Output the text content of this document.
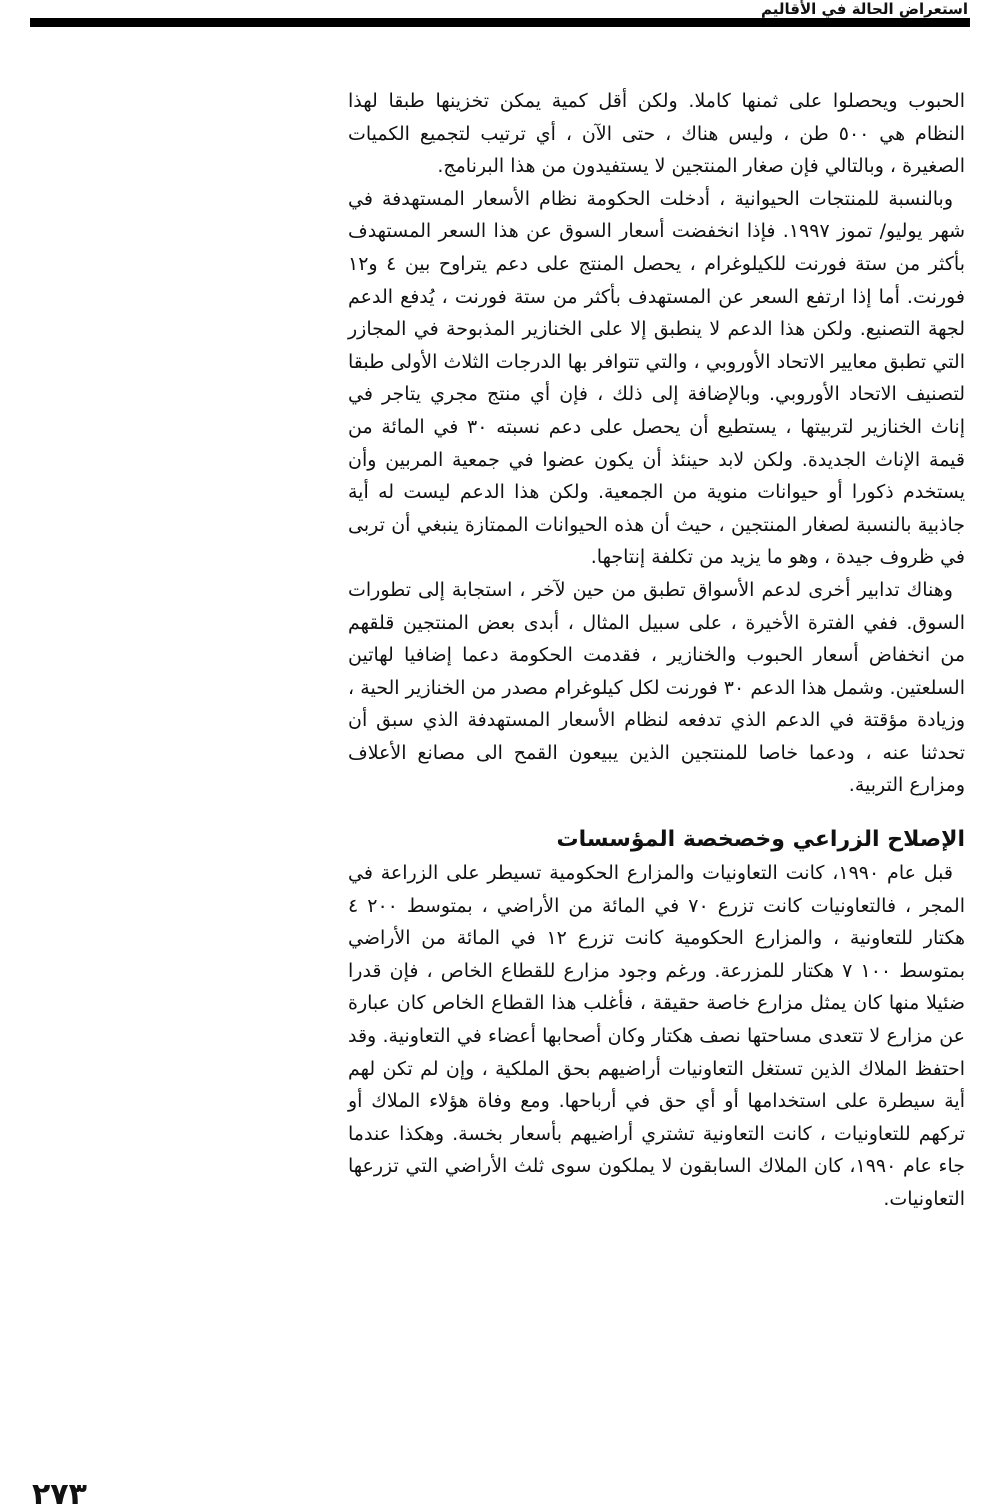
استعراض الحالة في الأقاليم

الحبوب ويحصلوا على ثمنها كاملا. ولكن أقل كمية يمكن تخزينها طبقا لهذا النظام هي ٥٠٠ طن ، وليس هناك ، حتى الآن ، أي ترتيب لتجميع الكميات الصغيرة ، وبالتالي فإن صغار المنتجين لا يستفيدون من هذا البرنامج.

وبالنسبة للمنتجات الحيوانية ، أدخلت الحكومة نظام الأسعار المستهدفة في شهر يوليو/ تموز ١٩٩٧. فإذا انخفضت أسعار السوق عن هذا السعر المستهدف بأكثر من ستة فورنت للكيلوغرام ، يحصل المنتج على دعم يتراوح بين ٤ و١٢ فورنت. أما إذا ارتفع السعر عن المستهدف بأكثر من ستة فورنت ، يُدفع الدعم لجهة التصنيع. ولكن هذا الدعم لا ينطبق إلا على الخنازير المذبوحة في المجازر التي تطبق معايير الاتحاد الأوروبي ، والتي تتوافر بها الدرجات الثلاث الأولى طبقا لتصنيف الاتحاد الأوروبي. وبالإضافة إلى ذلك ، فإن أي منتج مجري يتاجر في إناث الخنازير لتربيتها ، يستطيع أن يحصل على دعم نسبته ٣٠ في المائة من قيمة الإناث الجديدة. ولكن لابد حينئذ أن يكون عضوا في جمعية المربين وأن يستخدم ذكورا أو حيوانات منوية من الجمعية. ولكن هذا الدعم ليست له أية جاذبية بالنسبة لصغار المنتجين ، حيث أن هذه الحيوانات الممتازة ينبغي أن تربى في ظروف جيدة ، وهو ما يزيد من تكلفة إنتاجها.

وهناك تدابير أخرى لدعم الأسواق تطبق من حين لآخر ، استجابة إلى تطورات السوق. ففي الفترة الأخيرة ، على سبيل المثال ، أبدى بعض المنتجين قلقهم من انخفاض أسعار الحبوب والخنازير ، فقدمت الحكومة دعما إضافيا لهاتين السلعتين. وشمل هذا الدعم ٣٠ فورنت لكل كيلوغرام مصدر من الخنازير الحية ، وزيادة مؤقتة في الدعم الذي تدفعه لنظام الأسعار المستهدفة الذي سبق أن تحدثنا عنه ، ودعما خاصا للمنتجين الذين يبيعون القمح الى مصانع الأعلاف ومزارع التربية.

الإصلاح الزراعي وخصخصة المؤسسات

قبل عام ١٩٩٠، كانت التعاونيات والمزارع الحكومية تسيطر على الزراعة في المجر ، فالتعاونيات كانت تزرع ٧٠ في المائة من الأراضي ، بمتوسط ٢٠٠ ٤ هكتار للتعاونية ، والمزارع الحكومية كانت تزرع ١٢ في المائة من الأراضي بمتوسط ١٠٠ ٧ هكتار للمزرعة. ورغم وجود مزارع للقطاع الخاص ، فإن قدرا ضئيلا منها كان يمثل مزارع خاصة حقيقة ، فأغلب هذا القطاع الخاص كان عبارة عن مزارع لا تتعدى مساحتها نصف هكتار وكان أصحابها أعضاء في التعاونية. وقد احتفظ الملاك الذين تستغل التعاونيات أراضيهم بحق الملكية ، وإن لم تكن لهم أية سيطرة على استخدامها أو أي حق في أرباحها. ومع وفاة هؤلاء الملاك أو تركهم للتعاونيات ، كانت التعاونية تشتري أراضيهم بأسعار بخسة. وهكذا عندما جاء عام ١٩٩٠، كان الملاك السابقون لا يملكون سوى ثلث الأراضي التي تزرعها التعاونيات.

٢٧٣
